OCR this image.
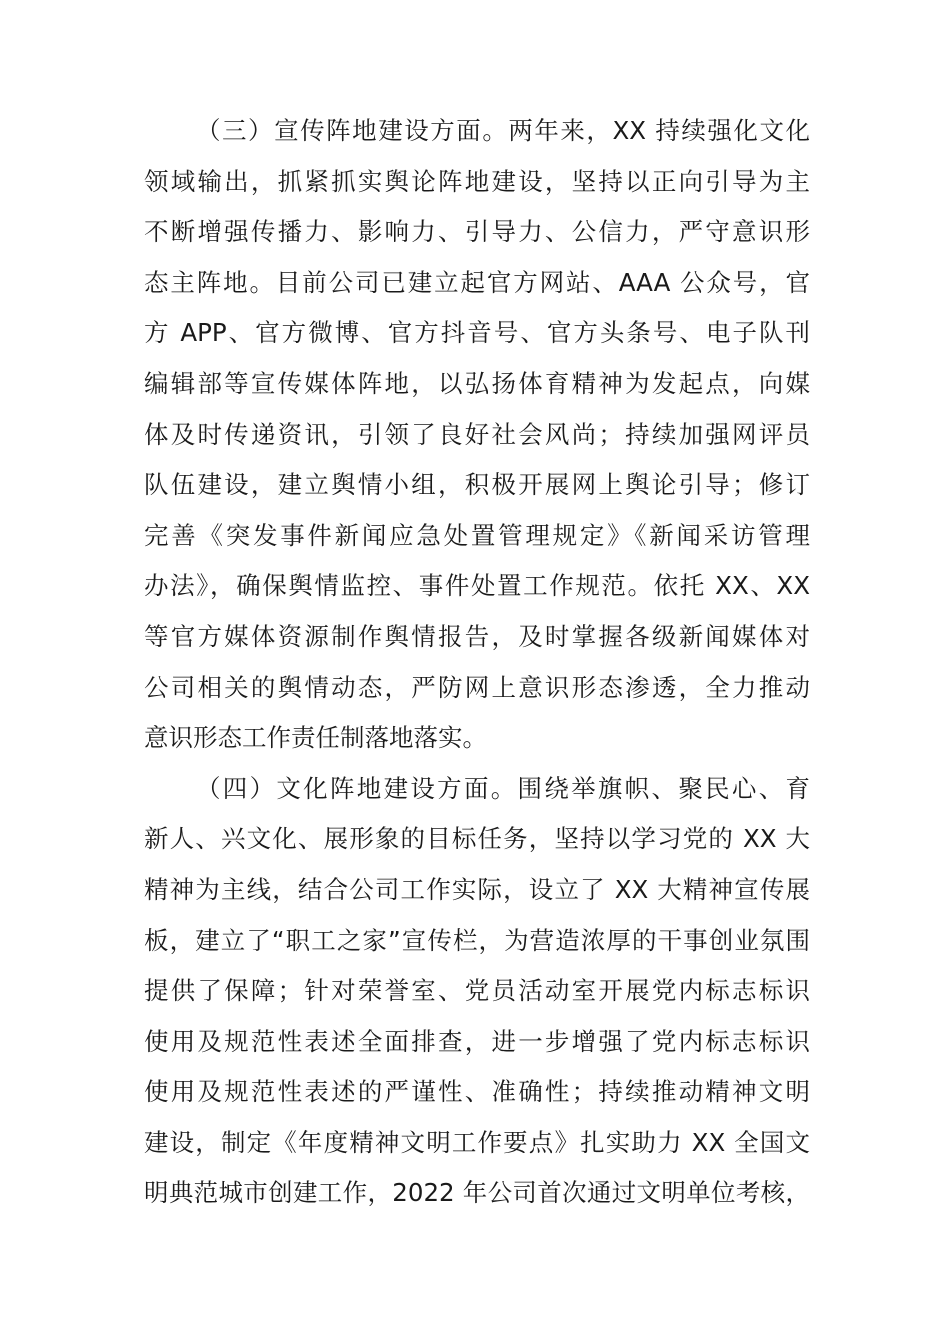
（三）宣传阵地建设方面。两年来，XX 持续强化文化
领域输出，抓紧抓实舆论阵地建设，坚持以正向引导为主
不断增强传播力、影响力、引导力、公信力，严守意识形
态主阵地。目前公司已建立起官方网站、AAA 公众号，官
方 APP、官方微博、官方抖音号、官方头条号、电子队刊
编辑部等宣传媒体阵地，以弘扬体育精神为发起点，向媒
体及时传递资讯，引领了良好社会风尚；持续加强网评员
队伍建设，建立舆情小组，积极开展网上舆论引导；修订
完善《突发事件新闻应急处置管理规定》《新闻采访管理
办法》，确保舆情监控、事件处置工作规范。依托 XX、XX
等官方媒体资源制作舆情报告，及时掌握各级新闻媒体对
公司相关的舆情动态，严防网上意识形态渗透，全力推动
意识形态工作责任制落地落实。
（四）文化阵地建设方面。围绕举旗帜、聚民心、育
新人、兴文化、展形象的目标任务，坚持以学习党的 XX 大
精神为主线，结合公司工作实际，设立了 XX 大精神宣传展
板，建立了“职工之家”宣传栏，为营造浓厚的干事创业氛围
提供了保障；针对荣誉室、党员活动室开展党内标志标识
使用及规范性表述全面排查，进一步增强了党内标志标识
使用及规范性表述的严谨性、准确性；持续推动精神文明
建设，制定《年度精神文明工作要点》扎实助力 XX 全国文
明典范城市创建工作，2022 年公司首次通过文明单位考核，
